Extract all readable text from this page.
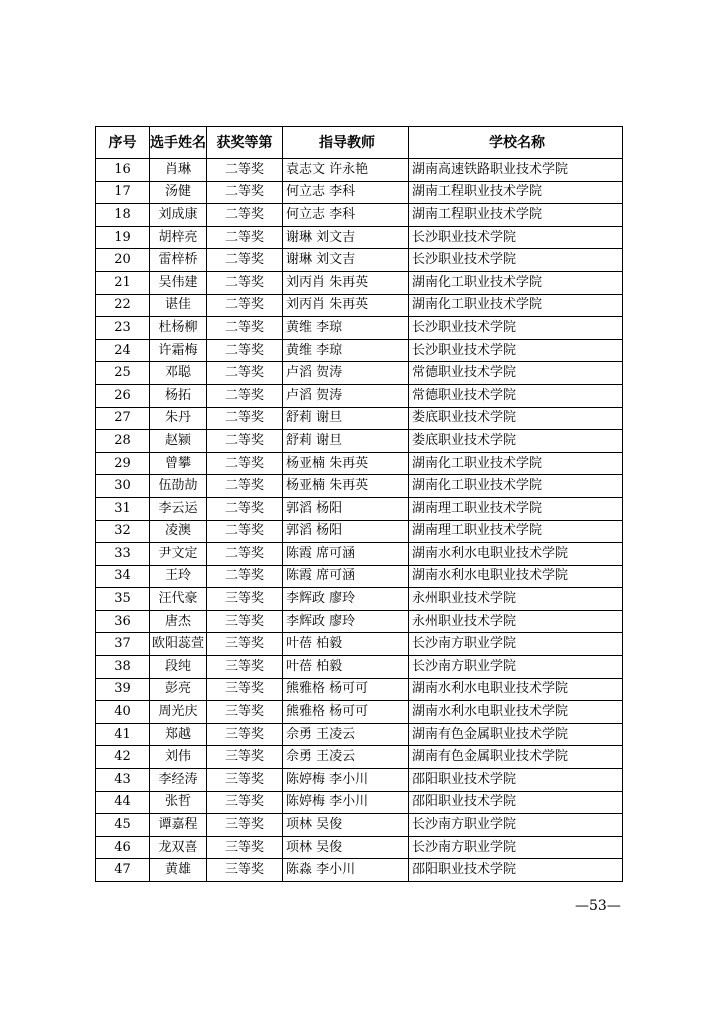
序号	选手姓名	获奖等第	指导教师	学校名称
16	肖琳	二等奖	袁志文 许永艳	湖南高速铁路职业技术学院
17	汤健	二等奖	何立志 李科	湖南工程职业技术学院
18	刘成康	二等奖	何立志 李科	湖南工程职业技术学院
19	胡梓亮	二等奖	谢琳 刘文吉	长沙职业技术学院
20	雷梓桥	二等奖	谢琳 刘文吉	长沙职业技术学院
21	吴伟建	二等奖	刘丙肖 朱再英	湖南化工职业技术学院
22	谌佳	二等奖	刘丙肖 朱再英	湖南化工职业技术学院
23	杜杨柳	二等奖	黄维 李琼	长沙职业技术学院
24	许霜梅	二等奖	黄维 李琼	长沙职业技术学院
25	邓聪	二等奖	卢滔 贺涛	常德职业技术学院
26	杨拓	二等奖	卢滔 贺涛	常德职业技术学院
27	朱丹	二等奖	舒莉 谢旦	娄底职业技术学院
28	赵颍	二等奖	舒莉 谢旦	娄底职业技术学院
29	曾攀	二等奖	杨亚楠 朱再英	湖南化工职业技术学院
30	伍劭劼	二等奖	杨亚楠 朱再英	湖南化工职业技术学院
31	李云运	二等奖	郭滔 杨阳	湖南理工职业技术学院
32	凌澳	二等奖	郭滔 杨阳	湖南理工职业技术学院
33	尹文定	二等奖	陈霞 席可涵	湖南水利水电职业技术学院
34	王玲	二等奖	陈霞 席可涵	湖南水利水电职业技术学院
35	汪代豪	三等奖	李辉政 廖玲	永州职业技术学院
36	唐杰	三等奖	李辉政 廖玲	永州职业技术学院
37	欧阳蕊萱	三等奖	叶蓓 柏毅	长沙南方职业学院
38	段纯	三等奖	叶蓓 柏毅	长沙南方职业学院
39	彭亮	三等奖	熊雅格 杨可可	湖南水利水电职业技术学院
40	周光庆	三等奖	熊雅格 杨可可	湖南水利水电职业技术学院
41	郑越	三等奖	佘勇 王凌云	湖南有色金属职业技术学院
42	刘伟	三等奖	佘勇 王凌云	湖南有色金属职业技术学院
43	李经涛	三等奖	陈婷梅 李小川	邵阳职业技术学院
44	张哲	三等奖	陈婷梅 李小川	邵阳职业技术学院
45	谭嘉程	三等奖	项林 吴俊	长沙南方职业学院
46	龙双喜	三等奖	项林 吴俊	长沙南方职业学院
47	黄雄	三等奖	陈淼 李小川	邵阳职业技术学院
—53—
